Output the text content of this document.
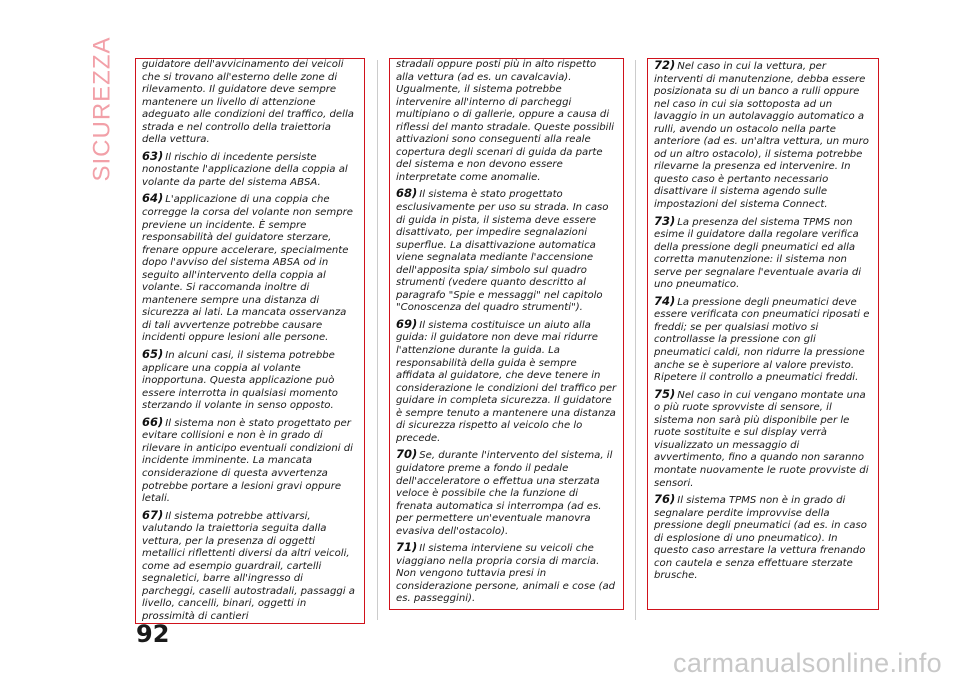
SICUREZZA	guidatore dell'avvicinamento dei veicoli che si trovano all'esterno delle zone di rilevamento. Il guidatore deve sempre mantenere un livello di attenzione adeguato alle condizioni del traffico, della strada e nel controllo della traiettoria della vettura.

63) Il rischio di incedente persiste nonostante l'applicazione della coppia al volante da parte del sistema ABSA.

64) L'applicazione di una coppia che corregge la corsa del volante non sempre previene un incidente. È sempre responsabilità del guidatore sterzare, frenare oppure accelerare, specialmente dopo l'avviso del sistema ABSA od in seguito all'intervento della coppia al volante. Si raccomanda inoltre di mantenere sempre una distanza di sicurezza ai lati. La mancata osservanza di tali avvertenze potrebbe causare incidenti oppure lesioni alle persone.

65) In alcuni casi, il sistema potrebbe applicare una coppia al volante inopportuna. Questa applicazione può essere interrotta in qualsiasi momento sterzando il volante in senso opposto.

66) Il sistema non è stato progettato per evitare collisioni e non è in grado di rilevare in anticipo eventuali condizioni di incidente imminente. La mancata considerazione di questa avvertenza potrebbe portare a lesioni gravi oppure letali.

67) Il sistema potrebbe attivarsi, valutando la traiettoria seguita dalla vettura, per la presenza di oggetti metallici riflettenti diversi da altri veicoli, come ad esempio guardrail, cartelli segnaletici, barre all'ingresso di parcheggi, caselli autostradali, passaggi a livello, cancelli, binari, oggetti in prossimità di cantieri

stradali oppure posti più in alto rispetto alla vettura (ad es. un cavalcavia). Ugualmente, il sistema potrebbe intervenire all'interno di parcheggi multipiano o di gallerie, oppure a causa di riflessi del manto stradale. Queste possibili attivazioni sono conseguenti alla reale copertura degli scenari di guida da parte del sistema e non devono essere interpretate come anomalie.

68) Il sistema è stato progettato esclusivamente per uso su strada. In caso di guida in pista, il sistema deve essere disattivato, per impedire segnalazioni superflue. La disattivazione automatica viene segnalata mediante l'accensione dell'apposita spia/ simbolo sul quadro strumenti (vedere quanto descritto al paragrafo "Spie e messaggi" nel capitolo "Conoscenza del quadro strumenti").

69) Il sistema costituisce un aiuto alla guida: il guidatore non deve mai ridurre l'attenzione durante la guida. La responsabilità della guida è sempre affidata al guidatore, che deve tenere in considerazione le condizioni del traffico per guidare in completa sicurezza. Il guidatore è sempre tenuto a mantenere una distanza di sicurezza rispetto al veicolo che lo precede.

70) Se, durante l'intervento del sistema, il guidatore preme a fondo il pedale dell'acceleratore o effettua una sterzata veloce è possibile che la funzione di frenata automatica si interrompa (ad es. per permettere un'eventuale manovra evasiva dell'ostacolo).

71) Il sistema interviene su veicoli che viaggiano nella propria corsia di marcia. Non vengono tuttavia presi in considerazione persone, animali e cose (ad es. passeggini).

72) Nel caso in cui la vettura, per interventi di manutenzione, debba essere posizionata su di un banco a rulli oppure nel caso in cui sia sottoposta ad un lavaggio in un autolavaggio automatico a rulli, avendo un ostacolo nella parte anteriore (ad es. un'altra vettura, un muro od un altro ostacolo), il sistema potrebbe rilevarne la presenza ed intervenire. In questo caso è pertanto necessario disattivare il sistema agendo sulle impostazioni del sistema Connect.

73) La presenza del sistema TPMS non esime il guidatore dalla regolare verifica della pressione degli pneumatici ed alla corretta manutenzione: il sistema non serve per segnalare l'eventuale avaria di uno pneumatico.

74) La pressione degli pneumatici deve essere verificata con pneumatici riposati e freddi; se per qualsiasi motivo si controllasse la pressione con gli pneumatici caldi, non ridurre la pressione anche se è superiore al valore previsto. Ripetere il controllo a pneumatici freddi.

75) Nel caso in cui vengano montate una o più ruote sprovviste di sensore, il sistema non sarà più disponibile per le ruote sostituite e sul display verrà visualizzato un messaggio di avvertimento, fino a quando non saranno montate nuovamente le ruote provviste di sensori.

76) Il sistema TPMS non è in grado di segnalare perdite improvvise della pressione degli pneumatici (ad es. in caso di esplosione di uno pneumatico). In questo caso arrestare la vettura frenando con cautela e senza effettuare sterzate brusche.

92
carmanualsonline.info
